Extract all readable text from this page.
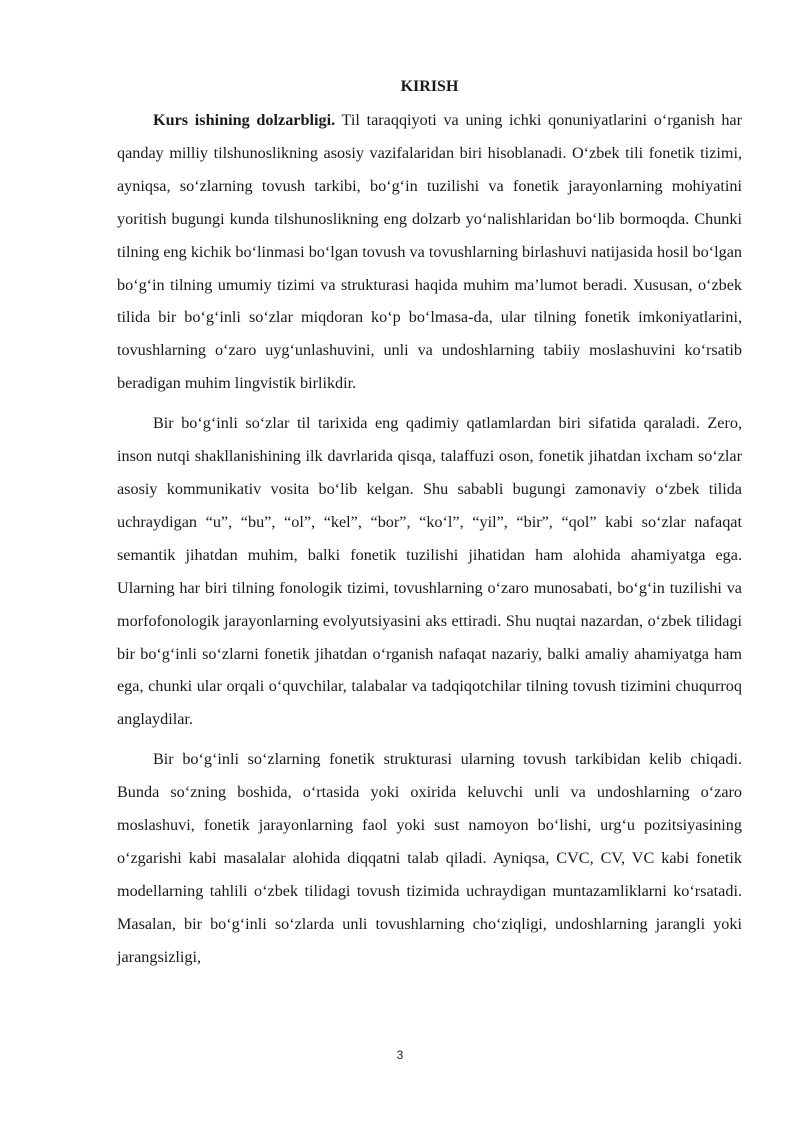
KIRISH

Kurs ishining dolzarbligi. Til taraqqiyoti va uning ichki qonuniyatlarini oʻrganish har qanday milliy tilshunoslikning asosiy vazifalaridan biri hisoblanadi. Oʻzbek tili fonetik tizimi, ayniqsa, soʻzlarning tovush tarkibi, boʻgʻin tuzilishi va fonetik jarayonlarning mohiyatini yoritish bugungi kunda tilshunoslikning eng dolzarb yoʻnalishlaridan boʻlib bormoqda. Chunki tilning eng kichik boʻlinmasi boʻlgan tovush va tovushlarning birlashuvi natijasida hosil boʻlgan boʻgʻin tilning umumiy tizimi va strukturasi haqida muhim maʼlumot beradi. Xususan, oʻzbek tilida bir boʻgʻinli soʻzlar miqdoran koʻp boʻlmasa-da, ular tilning fonetik imkoniyatlarini, tovushlarning oʻzaro uygʻunlashuvini, unli va undoshlarning tabiiy moslashuvini koʻrsatib beradigan muhim lingvistik birlikdir.

Bir boʻgʻinli soʻzlar til tarixida eng qadimiy qatlamlardan biri sifatida qaraladi. Zero, inson nutqi shakllanishining ilk davrlarida qisqa, talaffuzi oson, fonetik jihatdan ixcham soʻzlar asosiy kommunikativ vosita boʻlib kelgan. Shu sababli bugungi zamonaviy oʻzbek tilida uchraydigan “u”, “bu”, “ol”, “kel”, “bor”, “koʻl”, “yil”, “bir”, “qol” kabi soʻzlar nafaqat semantik jihatdan muhim, balki fonetik tuzilishi jihatidan ham alohida ahamiyatga ega. Ularning har biri tilning fonologik tizimi, tovushlarning oʻzaro munosabati, boʻgʻin tuzilishi va morfofonologik jarayonlarning evolyutsiyasini aks ettiradi. Shu nuqtai nazardan, oʻzbek tilidagi bir boʻgʻinli soʻzlarni fonetik jihatdan oʻrganish nafaqat nazariy, balki amaliy ahamiyatga ham ega, chunki ular orqali oʻquvchilar, talabalar va tadqiqotchilar tilning tovush tizimini chuqurroq anglaydilar.

Bir boʻgʻinli soʻzlarning fonetik strukturasi ularning tovush tarkibidan kelib chiqadi. Bunda soʻzning boshida, oʻrtasida yoki oxirida keluvchi unli va undoshlarning oʻzaro moslashuvi, fonetik jarayonlarning faol yoki sust namoyon boʻlishi, urgʻu pozitsiyasining oʻzgarishi kabi masalalar alohida diqqatni talab qiladi. Ayniqsa, CVC, CV, VC kabi fonetik modellarning tahlili oʻzbek tilidagi tovush tizimida uchraydigan muntazamliklarni koʻrsatadi. Masalan, bir boʻgʻinli soʻzlarda unli tovushlarning choʻziqligi, undoshlarning jarangli yoki jarangsizligi,

3
